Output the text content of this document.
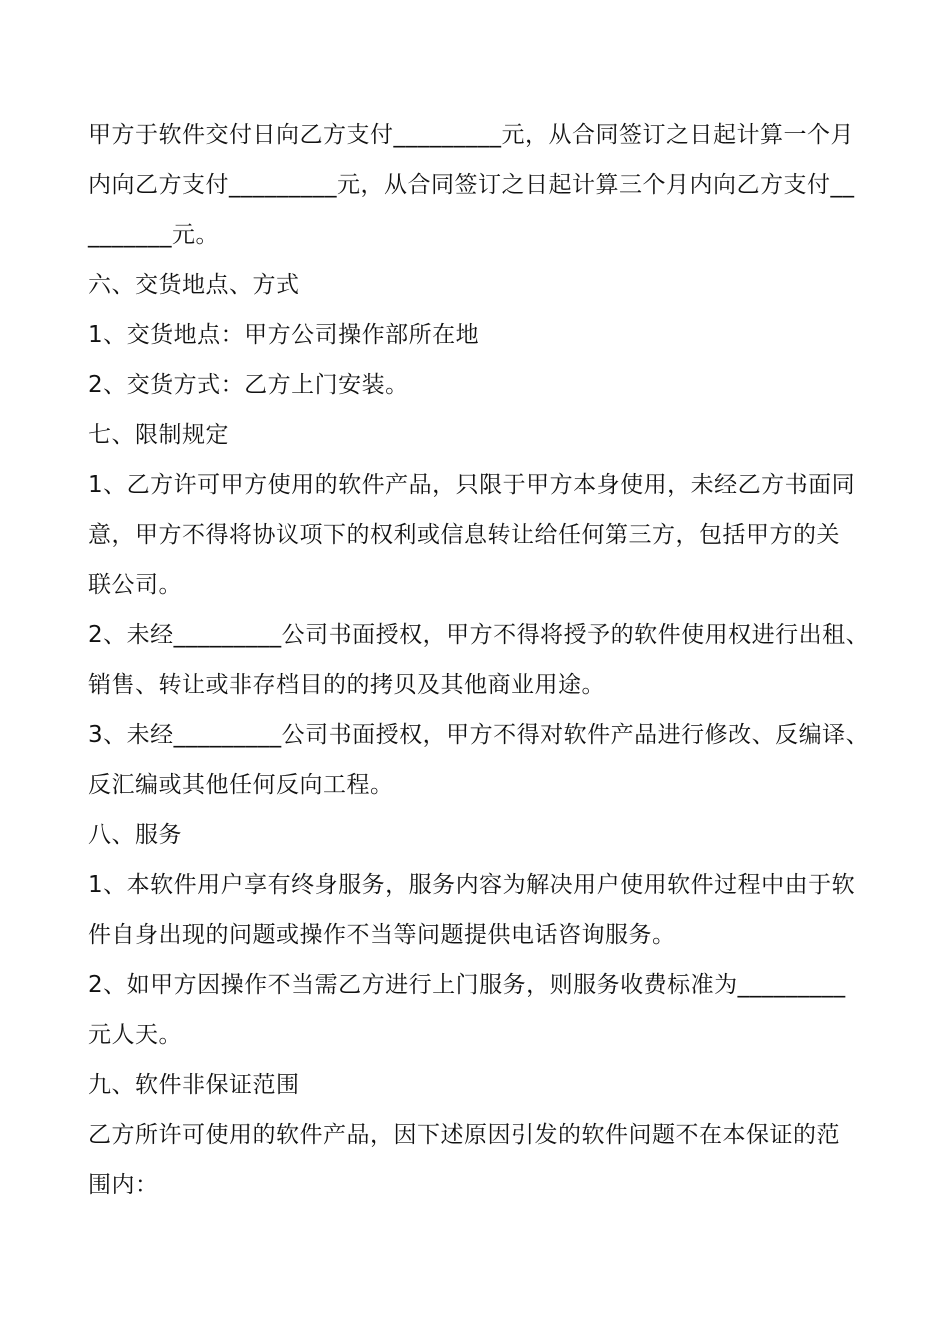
甲方于软件交付日向乙方支付_________元，从合同签订之日起计算一个月
内向乙方支付_________元，从合同签订之日起计算三个月内向乙方支付__
_______元。
六、交货地点、方式
1、交货地点：甲方公司操作部所在地
2、交货方式：乙方上门安装。
七、限制规定
1、乙方许可甲方使用的软件产品，只限于甲方本身使用，未经乙方书面同
意，甲方不得将协议项下的权利或信息转让给任何第三方，包括甲方的关
联公司。
2、未经_________公司书面授权，甲方不得将授予的软件使用权进行出租、
销售、转让或非存档目的的拷贝及其他商业用途。
3、未经_________公司书面授权，甲方不得对软件产品进行修改、反编译、
反汇编或其他任何反向工程。
八、服务
1、本软件用户享有终身服务，服务内容为解决用户使用软件过程中由于软
件自身出现的问题或操作不当等问题提供电话咨询服务。
2、如甲方因操作不当需乙方进行上门服务，则服务收费标准为_________
元人天。
九、软件非保证范围
乙方所许可使用的软件产品，因下述原因引发的软件问题不在本保证的范
围内：
